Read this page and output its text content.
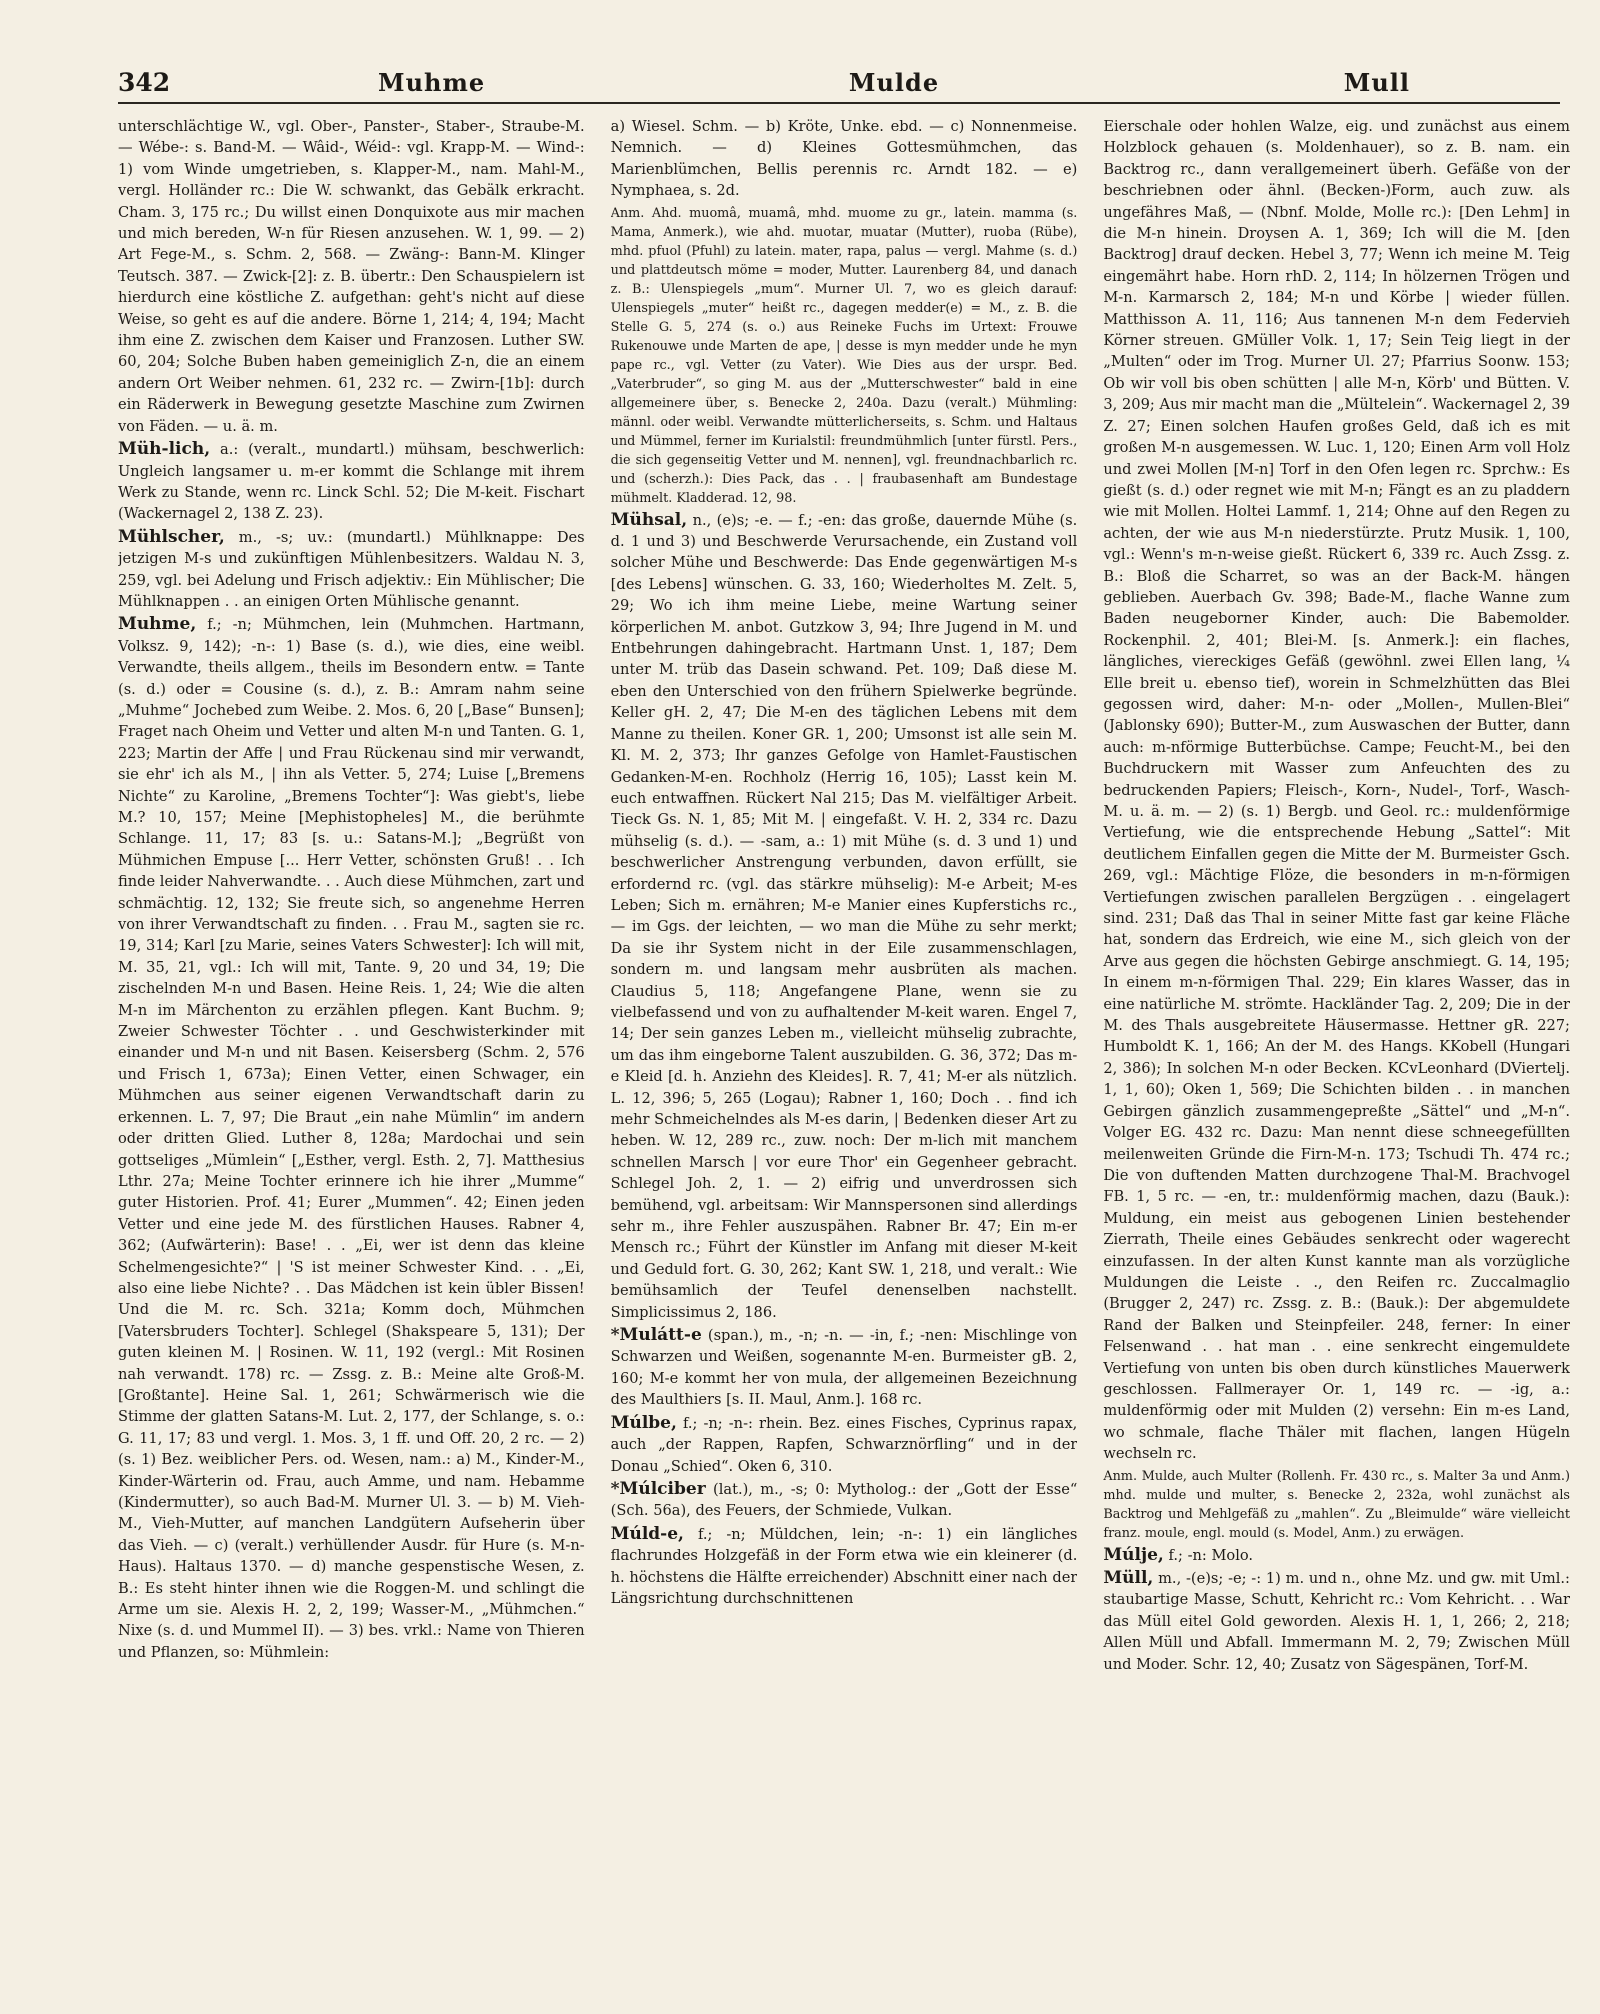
342	Muhme	Mulde	Mull

unterschlächtige W., vgl. Ober-, Panster-, Staber-, Straube-M. — Wébe-: s. Band-M. — Wâid-, Wéid-: vgl. Krapp-M. — Wind-: 1) vom Winde umgetrieben, s. Klapper-M., nam. Mahl-M., vergl. Holländer rc.: Die W. schwankt, das Gebälk erkracht. Cham. 3, 175 rc.; Du willst einen Donquixote aus mir machen und mich bereden, W-n für Riesen anzusehen. W. 1, 99. — 2) Art Fege-M., s. Schm. 2, 568. — Zwäng-: Bann-M. Klinger Teutsch. 387. — Zwick-[2]: z. B. übertr.: Den Schauspielern ist hierdurch eine köstliche Z. aufgethan: geht's nicht auf diese Weise, so geht es auf die andere. Börne 1, 214; 4, 194; Macht ihm eine Z. zwischen dem Kaiser und Franzosen. Luther SW. 60, 204; Solche Buben haben gemeiniglich Z-n, die an einem andern Ort Weiber nehmen. 61, 232 rc. — Zwirn-[1b]: durch ein Räderwerk in Bewegung gesetzte Maschine zum Zwirnen von Fäden. — u. ä. m.

Müh-lich, a.: (veralt., mundartl.) mühsam, beschwerlich: Ungleich langsamer u. m-er kommt die Schlange mit ihrem Werk zu Stande, wenn rc. Linck Schl. 52; Die M-keit. Fischart (Wackernagel 2, 138 Z. 23).

Mühlscher, m., -s; uv.: (mundartl.) Mühlknappe: Des jetzigen M-s und zukünftigen Mühlenbesitzers. Waldau N. 3, 259, vgl. bei Adelung und Frisch adjektiv.: Ein Mühlischer; Die Mühlknappen . . an einigen Orten Mühlische genannt.

Muhme, f.; -n; Mühmchen, lein (Muhmchen. Hartmann, Volksz. 9, 142); -n-: 1) Base (s. d.), wie dies, eine weibl. Verwandte, theils allgem., theils im Besondern entw. = Tante (s. d.) oder = Cousine (s. d.), z. B.: Amram nahm seine „Muhme“ Jochebed zum Weibe. 2. Mos. 6, 20 [„Base“ Bunsen]; Fraget nach Oheim und Vetter und alten M-n und Tanten. G. 1, 223; Martin der Affe | und Frau Rückenau sind mir verwandt, sie ehr' ich als M., | ihn als Vetter. 5, 274; Luise [„Bremens Nichte“ zu Karoline, „Bremens Tochter“]: Was giebt's, liebe M.? 10, 157; Meine [Mephistopheles] M., die berühmte Schlange. 11, 17; 83 [s. u.: Satans-M.]; „Begrüßt von Mühmichen Empuse [... Herr Vetter, schönsten Gruß! . . Ich finde leider Nahverwandte. . . Auch diese Mühmchen, zart und schmächtig. 12, 132; Sie freute sich, so angenehme Herren von ihrer Verwandtschaft zu finden. . . Frau M., sagten sie rc. 19, 314; Karl [zu Marie, seines Vaters Schwester]: Ich will mit, M. 35, 21, vgl.: Ich will mit, Tante. 9, 20 und 34, 19; Die zischelnden M-n und Basen. Heine Reis. 1, 24; Wie die alten M-n im Märchenton zu erzählen pflegen. Kant Buchm. 9; Zweier Schwester Töchter . . und Geschwisterkinder mit einander und M-n und nit Basen. Keisersberg (Schm. 2, 576 und Frisch 1, 673a); Einen Vetter, einen Schwager, ein Mühmchen aus seiner eigenen Verwandtschaft darin zu erkennen. L. 7, 97; Die Braut „ein nahe Mümlin“ im andern oder dritten Glied. Luther 8, 128a; Mardochai und sein gottseliges „Mümlein“ [„Esther, vergl. Esth. 2, 7]. Matthesius Lthr. 27a; Meine Tochter erinnere ich hie ihrer „Mumme“ guter Historien. Prof. 41; Eurer „Mummen“. 42; Einen jeden Vetter und eine jede M. des fürstlichen Hauses. Rabner 4, 362; (Aufwärterin): Base! . . „Ei, wer ist denn das kleine Schelmengesichte?“ | 'S ist meiner Schwester Kind. . . „Ei, also eine liebe Nichte? . . Das Mädchen ist kein übler Bissen! Und die M. rc. Sch. 321a; Komm doch, Mühmchen [Vatersbruders Tochter]. Schlegel (Shakspeare 5, 131); Der guten kleinen M. | Rosinen. W. 11, 192 (vergl.: Mit Rosinen nah verwandt. 178) rc. — Zssg. z. B.: Meine alte Groß-M. [Großtante]. Heine Sal. 1, 261; Schwärmerisch wie die Stimme der glatten Satans-M. Lut. 2, 177, der Schlange, s. o.: G. 11, 17; 83 und vergl. 1. Mos. 3, 1 ff. und Off. 20, 2 rc. — 2) (s. 1) Bez. weiblicher Pers. od. Wesen, nam.: a) M., Kinder-M., Kinder-Wärterin od. Frau, auch Amme, und nam. Hebamme (Kindermutter), so auch Bad-M. Murner Ul. 3. — b) M. Vieh-M., Vieh-Mutter, auf manchen Landgütern Aufseherin über das Vieh. — c) (veralt.) verhüllender Ausdr. für Hure (s. M-n-Haus). Haltaus 1370. — d) manche gespenstische Wesen, z. B.: Es steht hinter ihnen wie die Roggen-M. und schlingt die Arme um sie. Alexis H. 2, 2, 199; Wasser-M., „Mühmchen.“ Nixe (s. d. und Mummel II). — 3) bes. vrkl.: Name von Thieren und Pflanzen, so: Mühmlein:

a) Wiesel. Schm. — b) Kröte, Unke. ebd. — c) Nonnenmeise. Nemnich. — d) Kleines Gottesmühmchen, das Marienblümchen, Bellis perennis rc. Arndt 182. — e) Nymphaea, s. 2d.

Anm. Ahd. muomâ, muamâ, mhd. muome zu gr., latein. mamma (s. Mama, Anmerk.), wie ahd. muotar, muatar (Mutter), ruoba (Rübe), mhd. pfuol (Pfuhl) zu latein. mater, rapa, palus — vergl. Mahme (s. d.) und plattdeutsch möme = moder, Mutter. Laurenberg 84, und danach z. B.: Ulenspiegels „mum“. Murner Ul. 7, wo es gleich darauf: Ulenspiegels „muter“ heißt rc., dagegen medder(e) = M., z. B. die Stelle G. 5, 274 (s. o.) aus Reineke Fuchs im Urtext: Frouwe Rukenouwe unde Marten de ape, | desse is myn medder unde he myn pape rc., vgl. Vetter (zu Vater). Wie Dies aus der urspr. Bed. „Vaterbruder“, so ging M. aus der „Mutterschwester“ bald in eine allgemeinere über, s. Benecke 2, 240a. Dazu (veralt.) Mühmling: männl. oder weibl. Verwandte mütterlicherseits, s. Schm. und Haltaus und Mümmel, ferner im Kurialstil: freundmühmlich [unter fürstl. Pers., die sich gegenseitig Vetter und M. nennen], vgl. freundnachbarlich rc. und (scherzh.): Dies Pack, das . . | fraubasenhaft am Bundestage mühmelt. Kladderad. 12, 98.

Mühsal, n., (e)s; -e. — f.; -en: das große, dauernde Mühe (s. d. 1 und 3) und Beschwerde Verursachende, ein Zustand voll solcher Mühe und Beschwerde: Das Ende gegenwärtigen M-s [des Lebens] wünschen. G. 33, 160; Wiederholtes M. Zelt. 5, 29; Wo ich ihm meine Liebe, meine Wartung seiner körperlichen M. anbot. Gutzkow 3, 94; Ihre Jugend in M. und Entbehrungen dahingebracht. Hartmann Unst. 1, 187; Dem unter M. trüb das Dasein schwand. Pet. 109; Daß diese M. eben den Unterschied von den frühern Spielwerke begründe. Keller gH. 2, 47; Die M-en des täglichen Lebens mit dem Manne zu theilen. Koner GR. 1, 200; Umsonst ist alle sein M. Kl. M. 2, 373; Ihr ganzes Gefolge von Hamlet-Faustischen Gedanken-M-en. Rochholz (Herrig 16, 105); Lasst kein M. euch entwaffnen. Rückert Nal 215; Das M. vielfältiger Arbeit. Tieck Gs. N. 1, 85; Mit M. | eingefaßt. V. H. 2, 334 rc. Dazu mühselig (s. d.). — -sam, a.: 1) mit Mühe (s. d. 3 und 1) und beschwerlicher Anstrengung verbunden, davon erfüllt, sie erfordernd rc. (vgl. das stärkre mühselig): M-e Arbeit; M-es Leben; Sich m. ernähren; M-e Manier eines Kupferstichs rc., — im Ggs. der leichten, — wo man die Mühe zu sehr merkt; Da sie ihr System nicht in der Eile zusammenschlagen, sondern m. und langsam mehr ausbrüten als machen. Claudius 5, 118; Angefangene Plane, wenn sie zu vielbefassend und von zu aufhaltender M-keit waren. Engel 7, 14; Der sein ganzes Leben m., vielleicht mühselig zubrachte, um das ihm eingeborne Talent auszubilden. G. 36, 372; Das m-e Kleid [d. h. Anziehn des Kleides]. R. 7, 41; M-er als nützlich. L. 12, 396; 5, 265 (Logau); Rabner 1, 160; Doch . . find ich mehr Schmeichelndes als M-es darin, | Bedenken dieser Art zu heben. W. 12, 289 rc., zuw. noch: Der m-lich mit manchem schnellen Marsch | vor eure Thor' ein Gegenheer gebracht. Schlegel Joh. 2, 1. — 2) eifrig und unverdrossen sich bemühend, vgl. arbeitsam: Wir Mannspersonen sind allerdings sehr m., ihre Fehler auszuspähen. Rabner Br. 47; Ein m-er Mensch rc.; Führt der Künstler im Anfang mit dieser M-keit und Geduld fort. G. 30, 262; Kant SW. 1, 218, und veralt.: Wie bemühsamlich der Teufel denenselben nachstellt. Simplicissimus 2, 186.

*Mulátt-e (span.), m., -n; -n. — -in, f.; -nen: Mischlinge von Schwarzen und Weißen, sogenannte M-en. Burmeister gB. 2, 160; M-e kommt her von mula, der allgemeinen Bezeichnung des Maulthiers [s. II. Maul, Anm.]. 168 rc.

Múlbe, f.; -n; -n-: rhein. Bez. eines Fisches, Cyprinus rapax, auch „der Rappen, Rapfen, Schwarznörfling“ und in der Donau „Schied“. Oken 6, 310.

*Múlciber (lat.), m., -s; 0: Mytholog.: der „Gott der Esse“ (Sch. 56a), des Feuers, der Schmiede, Vulkan.

Múld-e, f.; -n; Müldchen, lein; -n-: 1) ein längliches flachrundes Holzgefäß in der Form etwa wie ein kleinerer (d. h. höchstens die Hälfte erreichender) Abschnitt einer nach der Längsrichtung durchschnittenen

Eierschale oder hohlen Walze, eig. und zunächst aus einem Holzblock gehauen (s. Moldenhauer), so z. B. nam. ein Backtrog rc., dann verallgemeinert überh. Gefäße von der beschriebnen oder ähnl. (Becken-)Form, auch zuw. als ungefähres Maß, — (Nbnf. Molde, Molle rc.): [Den Lehm] in die M-n hinein. Droysen A. 1, 369; Ich will die M. [den Backtrog] drauf decken. Hebel 3, 77; Wenn ich meine M. Teig eingemährt habe. Horn rhD. 2, 114; In hölzernen Trögen und M-n. Karmarsch 2, 184; M-n und Körbe | wieder füllen. Matthisson A. 11, 116; Aus tannenen M-n dem Federvieh Körner streuen. GMüller Volk. 1, 17; Sein Teig liegt in der „Multen“ oder im Trog. Murner Ul. 27; Pfarrius Soonw. 153; Ob wir voll bis oben schütten | alle M-n, Körb' und Bütten. V. 3, 209; Aus mir macht man die „Mültelein“. Wackernagel 2, 39 Z. 27; Einen solchen Haufen großes Geld, daß ich es mit großen M-n ausgemessen. W. Luc. 1, 120; Einen Arm voll Holz und zwei Mollen [M-n] Torf in den Ofen legen rc. Sprchw.: Es gießt (s. d.) oder regnet wie mit M-n; Fängt es an zu pladdern wie mit Mollen. Holtei Lammf. 1, 214; Ohne auf den Regen zu achten, der wie aus M-n niederstürzte. Prutz Musik. 1, 100, vgl.: Wenn's m-n-weise gießt. Rückert 6, 339 rc. Auch Zssg. z. B.: Bloß die Scharret, so was an der Back-M. hängen geblieben. Auerbach Gv. 398; Bade-M., flache Wanne zum Baden neugeborner Kinder, auch: Die Babemolder. Rockenphil. 2, 401; Blei-M. [s. Anmerk.]: ein flaches, längliches, viereckiges Gefäß (gewöhnl. zwei Ellen lang, ¼ Elle breit u. ebenso tief), worein in Schmelzhütten das Blei gegossen wird, daher: M-n- oder „Mollen-, Mullen-Blei“ (Jablonsky 690); Butter-M., zum Auswaschen der Butter, dann auch: m-nförmige Butterbüchse. Campe; Feucht-M., bei den Buchdruckern mit Wasser zum Anfeuchten des zu bedruckenden Papiers; Fleisch-, Korn-, Nudel-, Torf-, Wasch-M. u. ä. m. — 2) (s. 1) Bergb. und Geol. rc.: muldenförmige Vertiefung, wie die entsprechende Hebung „Sattel“: Mit deutlichem Einfallen gegen die Mitte der M. Burmeister Gsch. 269, vgl.: Mächtige Flöze, die besonders in m-n-förmigen Vertiefungen zwischen parallelen Bergzügen . . eingelagert sind. 231; Daß das Thal in seiner Mitte fast gar keine Fläche hat, sondern das Erdreich, wie eine M., sich gleich von der Arve aus gegen die höchsten Gebirge anschmiegt. G. 14, 195; In einem m-n-förmigen Thal. 229; Ein klares Wasser, das in eine natürliche M. strömte. Hackländer Tag. 2, 209; Die in der M. des Thals ausgebreitete Häusermasse. Hettner gR. 227; Humboldt K. 1, 166; An der M. des Hangs. KKobell (Hungari 2, 386); In solchen M-n oder Becken. KCvLeonhard (DViertelj. 1, 1, 60); Oken 1, 569; Die Schichten bilden . . in manchen Gebirgen gänzlich zusammengepreßte „Sättel“ und „M-n“. Volger EG. 432 rc. Dazu: Man nennt diese schneegefüllten meilenweiten Gründe die Firn-M-n. 173; Tschudi Th. 474 rc.; Die von duftenden Matten durchzogene Thal-M. Brachvogel FB. 1, 5 rc. — -en, tr.: muldenförmig machen, dazu (Bauk.): Muldung, ein meist aus gebogenen Linien bestehender Zierrath, Theile eines Gebäudes senkrecht oder wagerecht einzufassen. In der alten Kunst kannte man als vorzügliche Muldungen die Leiste . ., den Reifen rc. Zuccalmaglio (Brugger 2, 247) rc. Zssg. z. B.: (Bauk.): Der abgemuldete Rand der Balken und Steinpfeiler. 248, ferner: In einer Felsenwand . . hat man . . eine senkrecht eingemuldete Vertiefung von unten bis oben durch künstliches Mauerwerk geschlossen. Fallmerayer Or. 1, 149 rc. — -ig, a.: muldenförmig oder mit Mulden (2) versehn: Ein m-es Land, wo schmale, flache Thäler mit flachen, langen Hügeln wechseln rc.

Anm. Mulde, auch Multer (Rollenh. Fr. 430 rc., s. Malter 3a und Anm.) mhd. mulde und multer, s. Benecke 2, 232a, wohl zunächst als Backtrog und Mehlgefäß zu „mahlen“. Zu „Bleimulde“ wäre vielleicht franz. moule, engl. mould (s. Model, Anm.) zu erwägen.

Múlje, f.; -n: Molo.

Müll, m., -(e)s; -e; -: 1) m. und n., ohne Mz. und gw. mit Uml.: staubartige Masse, Schutt, Kehricht rc.: Vom Kehricht. . . War das Müll eitel Gold geworden. Alexis H. 1, 1, 266; 2, 218; Allen Müll und Abfall. Immermann M. 2, 79; Zwischen Müll und Moder. Schr. 12, 40; Zusatz von Sägespänen, Torf-M.
